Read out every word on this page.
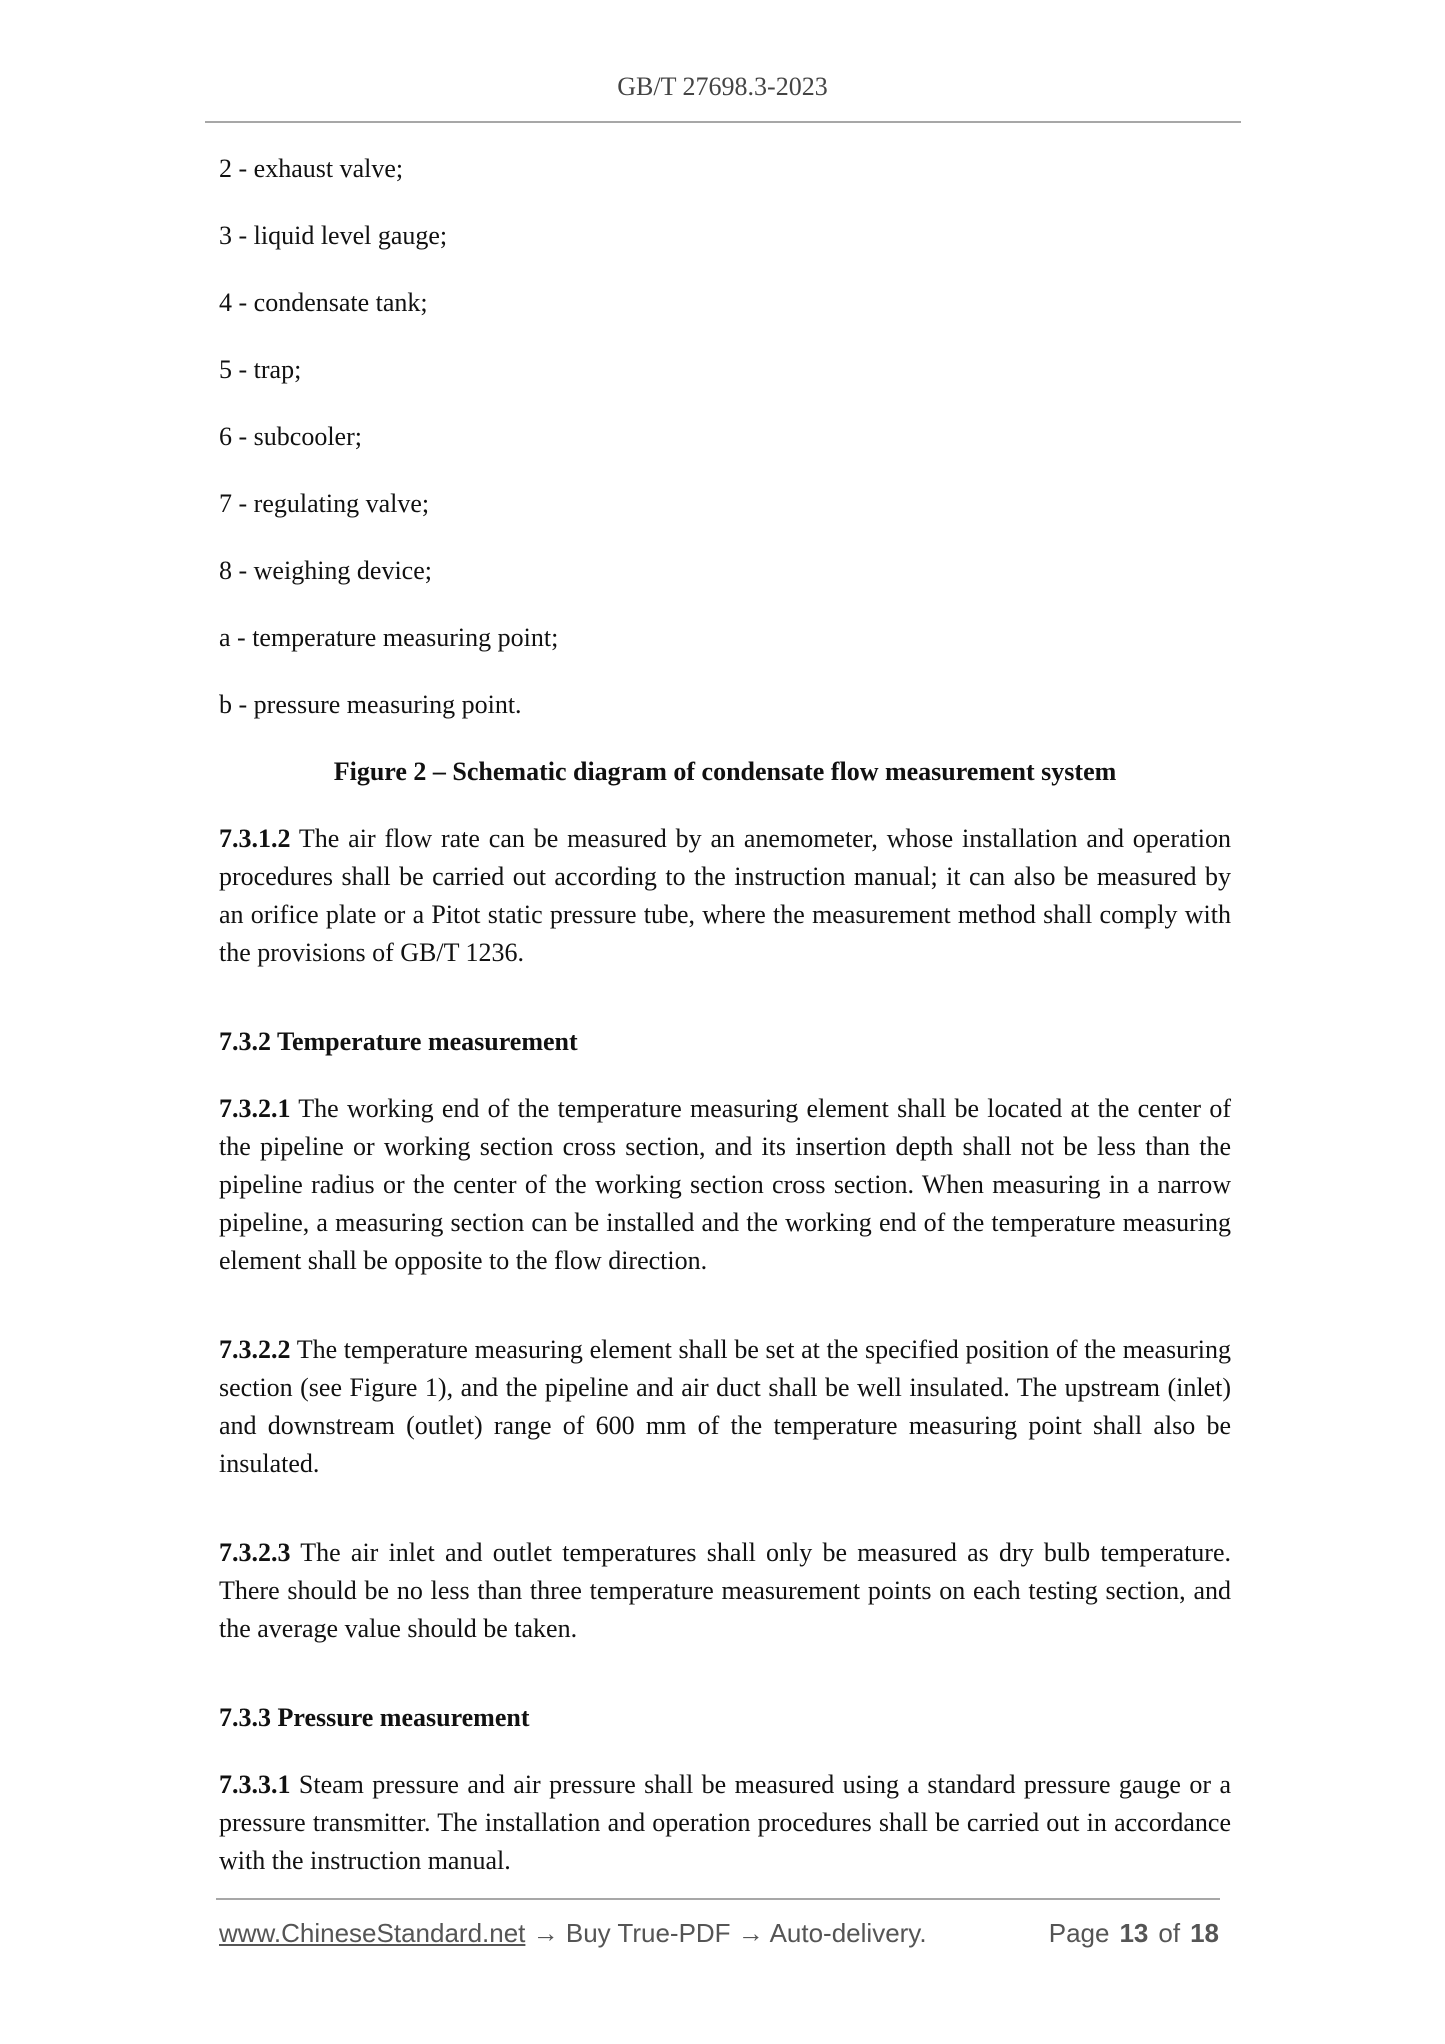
GB/T 27698.3-2023
2 - exhaust valve;
3 - liquid level gauge;
4 - condensate tank;
5 - trap;
6 - subcooler;
7 - regulating valve;
8 - weighing device;
a - temperature measuring point;
b - pressure measuring point.
Figure 2 – Schematic diagram of condensate flow measurement system
7.3.1.2 The air flow rate can be measured by an anemometer, whose installation and operation procedures shall be carried out according to the instruction manual; it can also be measured by an orifice plate or a Pitot static pressure tube, where the measurement method shall comply with the provisions of GB/T 1236.
7.3.2 Temperature measurement
7.3.2.1 The working end of the temperature measuring element shall be located at the center of the pipeline or working section cross section, and its insertion depth shall not be less than the pipeline radius or the center of the working section cross section. When measuring in a narrow pipeline, a measuring section can be installed and the working end of the temperature measuring element shall be opposite to the flow direction.
7.3.2.2 The temperature measuring element shall be set at the specified position of the measuring section (see Figure 1), and the pipeline and air duct shall be well insulated. The upstream (inlet) and downstream (outlet) range of 600 mm of the temperature measuring point shall also be insulated.
7.3.2.3 The air inlet and outlet temperatures shall only be measured as dry bulb temperature. There should be no less than three temperature measurement points on each testing section, and the average value should be taken.
7.3.3 Pressure measurement
7.3.3.1 Steam pressure and air pressure shall be measured using a standard pressure gauge or a pressure transmitter. The installation and operation procedures shall be carried out in accordance with the instruction manual.
www.ChineseStandard.net → Buy True-PDF → Auto-delivery.	Page 13 of 18
